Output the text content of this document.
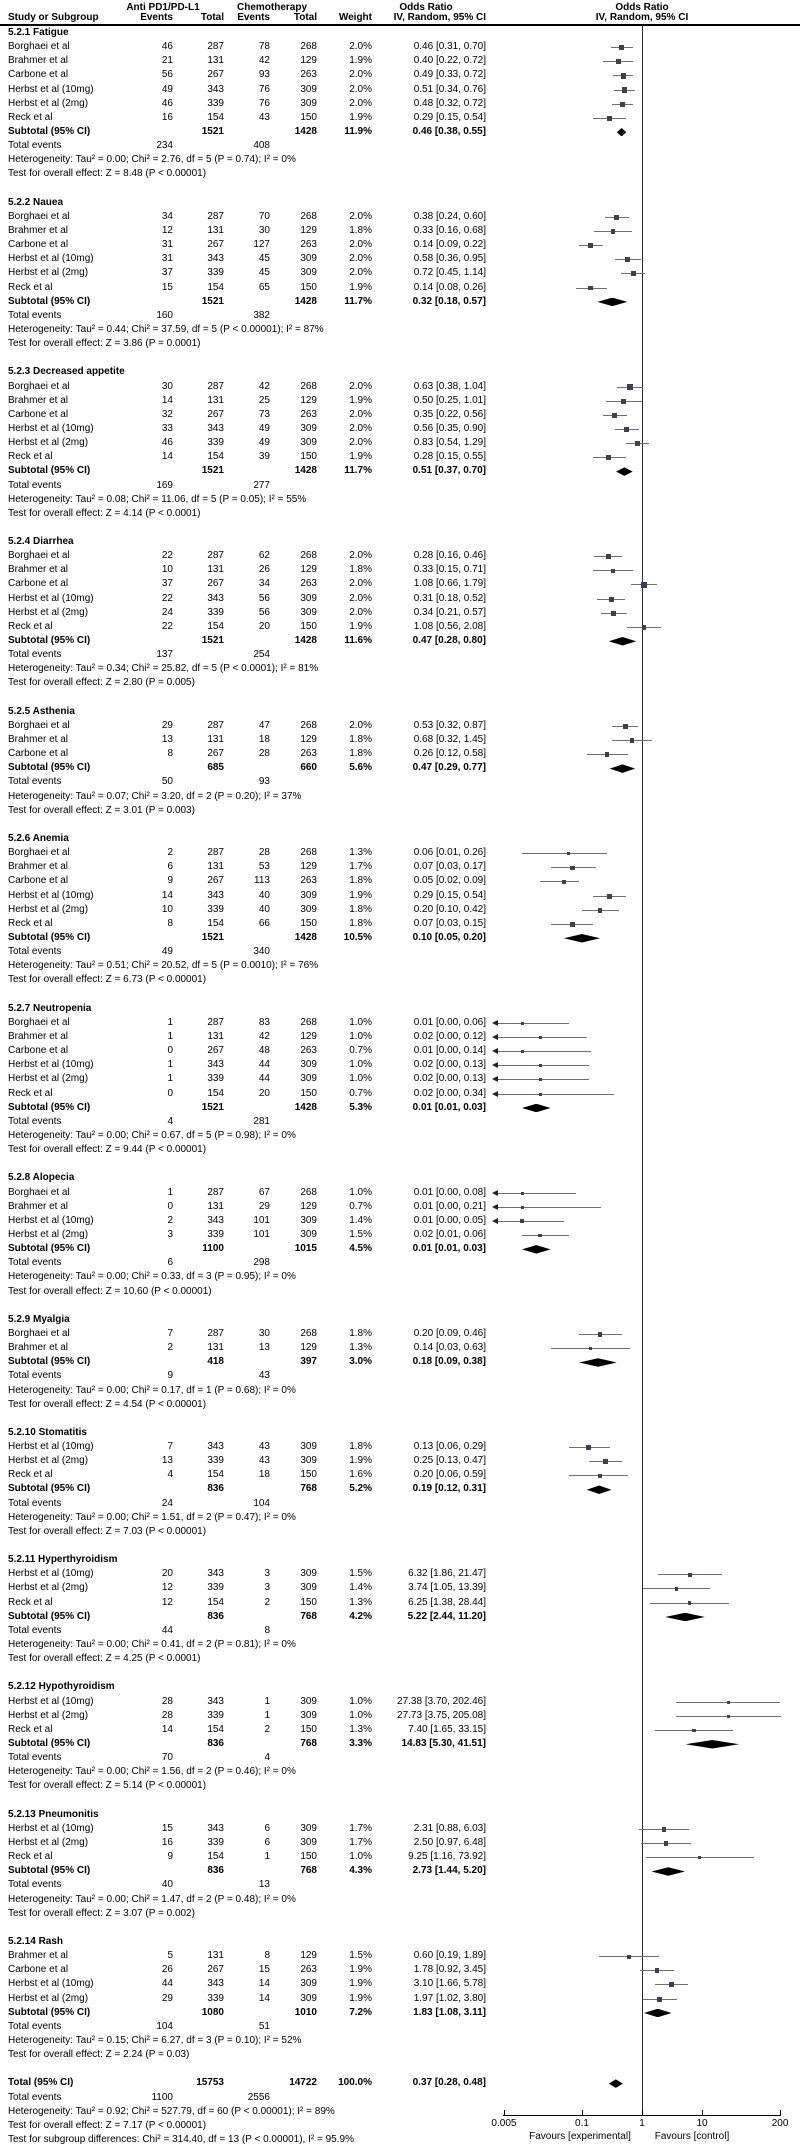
Anti PD1/PD-L1	Chemotherapy	Odds Ratio	Odds Ratio
Study or Subgroup	Events	Total	Events	Total	Weight	IV, Random, 95% CI	IV, Random, 95% CI
5.2.1 Fatigue
Borghaei et al	46	287	78	268	2.0%	0.46 [0.31, 0.70]
Brahmer et al	21	131	42	129	1.9%	0.40 [0.22, 0.72]
Carbone et al	56	267	93	263	2.0%	0.49 [0.33, 0.72]
Herbst et al (10mg)	49	343	76	309	2.0%	0.51 [0.34, 0.76]
Herbst et al (2mg)	46	339	76	309	2.0%	0.48 [0.32, 0.72]
Reck et al	16	154	43	150	1.9%	0.29 [0.15, 0.54]
Subtotal (95% CI)	1521	1428	11.9%	0.46 [0.38, 0.55]
Total events	234	408
Heterogeneity: Tau² = 0.00; Chi² = 2.76, df = 5 (P = 0.74); I² = 0%
Test for overall effect: Z = 8.48 (P < 0.00001)
5.2.2 Nauea
Borghaei et al	34	287	70	268	2.0%	0.38 [0.24, 0.60]
Brahmer et al	12	131	30	129	1.8%	0.33 [0.16, 0.68]
Carbone et al	31	267	127	263	2.0%	0.14 [0.09, 0.22]
Herbst et al (10mg)	31	343	45	309	2.0%	0.58 [0.36, 0.95]
Herbst et al (2mg)	37	339	45	309	2.0%	0.72 [0.45, 1.14]
Reck et al	15	154	65	150	1.9%	0.14 [0.08, 0.26]
Subtotal (95% CI)	1521	1428	11.7%	0.32 [0.18, 0.57]
Total events	160	382
Heterogeneity: Tau² = 0.44; Chi² = 37.59, df = 5 (P < 0.00001); I² = 87%
Test for overall effect: Z = 3.86 (P = 0.0001)
5.2.3 Decreased appetite
Borghaei et al	30	287	42	268	2.0%	0.63 [0.38, 1.04]
Brahmer et al	14	131	25	129	1.9%	0.50 [0.25, 1.01]
Carbone et al	32	267	73	263	2.0%	0.35 [0.22, 0.56]
Herbst et al (10mg)	33	343	49	309	2.0%	0.56 [0.35, 0.90]
Herbst et al (2mg)	46	339	49	309	2.0%	0.83 [0.54, 1.29]
Reck et al	14	154	39	150	1.9%	0.28 [0.15, 0.55]
Subtotal (95% CI)	1521	1428	11.7%	0.51 [0.37, 0.70]
Total events	169	277
Heterogeneity: Tau² = 0.08; Chi² = 11.06, df = 5 (P = 0.05); I² = 55%
Test for overall effect: Z = 4.14 (P < 0.0001)
5.2.4 Diarrhea
Borghaei et al	22	287	62	268	2.0%	0.28 [0.16, 0.46]
Brahmer et al	10	131	26	129	1.8%	0.33 [0.15, 0.71]
Carbone et al	37	267	34	263	2.0%	1.08 [0.66, 1.79]
Herbst et al (10mg)	22	343	56	309	2.0%	0.31 [0.18, 0.52]
Herbst et al (2mg)	24	339	56	309	2.0%	0.34 [0.21, 0.57]
Reck et al	22	154	20	150	1.9%	1.08 [0.56, 2.08]
Subtotal (95% CI)	1521	1428	11.6%	0.47 [0.28, 0.80]
Total events	137	254
Heterogeneity: Tau² = 0.34; Chi² = 25.82, df = 5 (P < 0.0001); I² = 81%
Test for overall effect: Z = 2.80 (P = 0.005)
5.2.5 Asthenia
Borghaei et al	29	287	47	268	2.0%	0.53 [0.32, 0.87]
Brahmer et al	13	131	18	129	1.8%	0.68 [0.32, 1.45]
Carbone et al	8	267	28	263	1.8%	0.26 [0.12, 0.58]
Subtotal (95% CI)	685	660	5.6%	0.47 [0.29, 0.77]
Total events	50	93
Heterogeneity: Tau² = 0.07; Chi² = 3.20, df = 2 (P = 0.20); I² = 37%
Test for overall effect: Z = 3.01 (P = 0.003)
5.2.6 Anemia
Borghaei et al	2	287	28	268	1.3%	0.06 [0.01, 0.26]
Brahmer et al	6	131	53	129	1.7%	0.07 [0.03, 0.17]
Carbone et al	9	267	113	263	1.8%	0.05 [0.02, 0.09]
Herbst et al (10mg)	14	343	40	309	1.9%	0.29 [0.15, 0.54]
Herbst et al (2mg)	10	339	40	309	1.8%	0.20 [0.10, 0.42]
Reck et al	8	154	66	150	1.8%	0.07 [0.03, 0.15]
Subtotal (95% CI)	1521	1428	10.5%	0.10 [0.05, 0.20]
Total events	49	340
Heterogeneity: Tau² = 0.51; Chi² = 20.52, df = 5 (P = 0.0010); I² = 76%
Test for overall effect: Z = 6.73 (P < 0.00001)
5.2.7 Neutropenia
Borghaei et al	1	287	83	268	1.0%	0.01 [0.00, 0.06]
Brahmer et al	1	131	42	129	1.0%	0.02 [0.00, 0.12]
Carbone et al	0	267	48	263	0.7%	0.01 [0.00, 0.14]
Herbst et al (10mg)	1	343	44	309	1.0%	0.02 [0.00, 0.13]
Herbst et al (2mg)	1	339	44	309	1.0%	0.02 [0.00, 0.13]
Reck et al	0	154	20	150	0.7%	0.02 [0.00, 0.34]
Subtotal (95% CI)	1521	1428	5.3%	0.01 [0.01, 0.03]
Total events	4	281
Heterogeneity: Tau² = 0.00; Chi² = 0.67, df = 5 (P = 0.98); I² = 0%
Test for overall effect: Z = 9.44 (P < 0.00001)
5.2.8 Alopecia
Borghaei et al	1	287	67	268	1.0%	0.01 [0.00, 0.08]
Brahmer et al	0	131	29	129	0.7%	0.01 [0.00, 0.21]
Herbst et al (10mg)	2	343	101	309	1.4%	0.01 [0.00, 0.05]
Herbst et al (2mg)	3	339	101	309	1.5%	0.02 [0.01, 0.06]
Subtotal (95% CI)	1100	1015	4.5%	0.01 [0.01, 0.03]
Total events	6	298
Heterogeneity: Tau² = 0.00; Chi² = 0.33, df = 3 (P = 0.95); I² = 0%
Test for overall effect: Z = 10.60 (P < 0.00001)
5.2.9 Myalgia
Borghaei et al	7	287	30	268	1.8%	0.20 [0.09, 0.46]
Brahmer et al	2	131	13	129	1.3%	0.14 [0.03, 0.63]
Subtotal (95% CI)	418	397	3.0%	0.18 [0.09, 0.38]
Total events	9	43
Heterogeneity: Tau² = 0.00; Chi² = 0.17, df = 1 (P = 0.68); I² = 0%
Test for overall effect: Z = 4.54 (P < 0.00001)
5.2.10 Stomatitis
Herbst et al (10mg)	7	343	43	309	1.8%	0.13 [0.06, 0.29]
Herbst et al (2mg)	13	339	43	309	1.9%	0.25 [0.13, 0.47]
Reck et al	4	154	18	150	1.6%	0.20 [0.06, 0.59]
Subtotal (95% CI)	836	768	5.2%	0.19 [0.12, 0.31]
Total events	24	104
Heterogeneity: Tau² = 0.00; Chi² = 1.51, df = 2 (P = 0.47); I² = 0%
Test for overall effect: Z = 7.03 (P < 0.00001)
5.2.11 Hyperthyroidism
Herbst et al (10mg)	20	343	3	309	1.5%	6.32 [1.86, 21.47]
Herbst et al (2mg)	12	339	3	309	1.4%	3.74 [1.05, 13.39]
Reck et al	12	154	2	150	1.3%	6.25 [1.38, 28.44]
Subtotal (95% CI)	836	768	4.2%	5.22 [2.44, 11.20]
Total events	44	8
Heterogeneity: Tau² = 0.00; Chi² = 0.41, df = 2 (P = 0.81); I² = 0%
Test for overall effect: Z = 4.25 (P < 0.0001)
5.2.12 Hypothyroidism
Herbst et al (10mg)	28	343	1	309	1.0%	27.38 [3.70, 202.46]
Herbst et al (2mg)	28	339	1	309	1.0%	27.73 [3.75, 205.08]
Reck et al	14	154	2	150	1.3%	7.40 [1.65, 33.15]
Subtotal (95% CI)	836	768	3.3%	14.83 [5.30, 41.51]
Total events	70	4
Heterogeneity: Tau² = 0.00; Chi² = 1.56, df = 2 (P = 0.46); I² = 0%
Test for overall effect: Z = 5.14 (P < 0.00001)
5.2.13 Pneumonitis
Herbst et al (10mg)	15	343	6	309	1.7%	2.31 [0.88, 6.03]
Herbst et al (2mg)	16	339	6	309	1.7%	2.50 [0.97, 6.48]
Reck et al	9	154	1	150	1.0%	9.25 [1.16, 73.92]
Subtotal (95% CI)	836	768	4.3%	2.73 [1.44, 5.20]
Total events	40	13
Heterogeneity: Tau² = 0.00; Chi² = 1.47, df = 2 (P = 0.48); I² = 0%
Test for overall effect: Z = 3.07 (P = 0.002)
5.2.14 Rash
Brahmer et al	5	131	8	129	1.5%	0.60 [0.19, 1.89]
Carbone et al	26	267	15	263	1.9%	1.78 [0.92, 3.45]
Herbst et al (10mg)	44	343	14	309	1.9%	3.10 [1.66, 5.78]
Herbst et al (2mg)	29	339	14	309	1.9%	1.97 [1.02, 3.80]
Subtotal (95% CI)	1080	1010	7.2%	1.83 [1.08, 3.11]
Total events	104	51
Heterogeneity: Tau² = 0.15; Chi² = 6.27, df = 3 (P = 0.10); I² = 52%
Test for overall effect: Z = 2.24 (P = 0.03)
Total (95% CI)	15753	14722	100.0%	0.37 [0.28, 0.48]
Total events	1100	2556
Heterogeneity: Tau² = 0.92; Chi² = 527.79, df = 60 (P < 0.00001); I² = 89%
Test for overall effect: Z = 7.17 (P < 0.00001)
Test for subgroup differences: Chi² = 314.40, df = 13 (P < 0.00001), I² = 95.9%
0.005	0.1	1	10	200
Favours [experimental]	Favours [control]
